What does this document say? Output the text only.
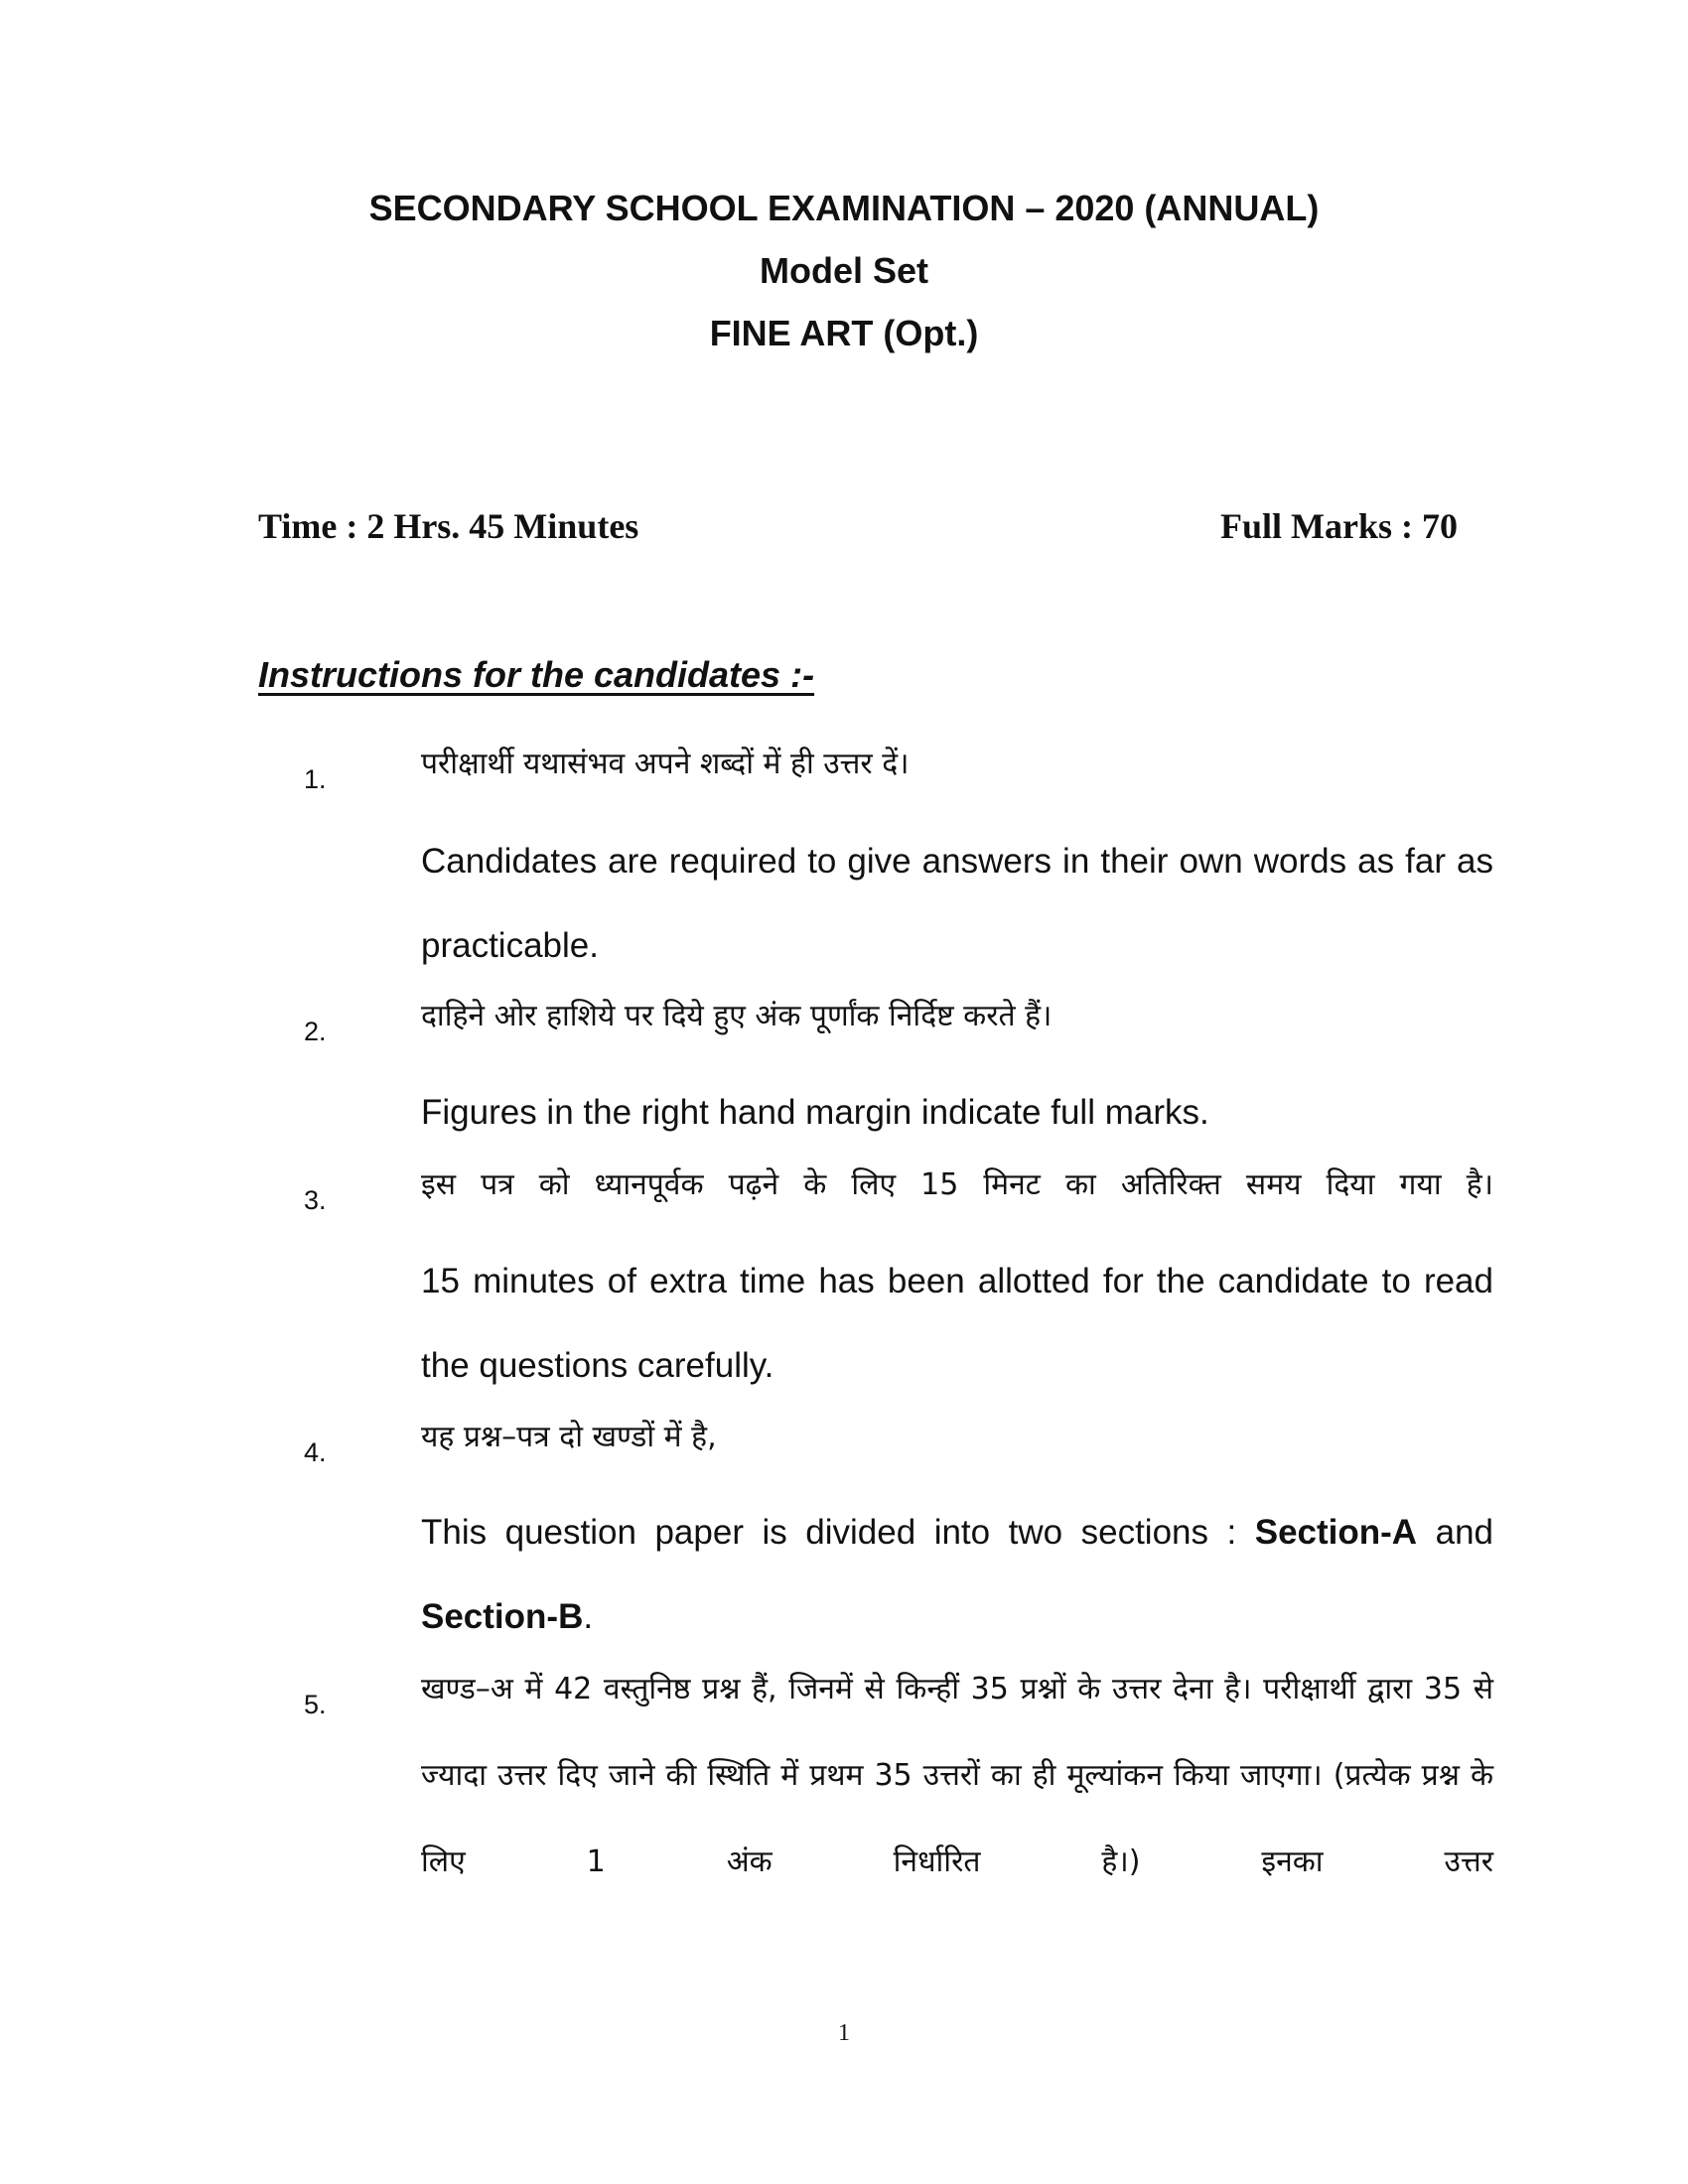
SECONDARY SCHOOL EXAMINATION – 2020 (ANNUAL)
Model Set
FINE ART (Opt.)
Time : 2 Hrs. 45 Minutes	Full Marks : 70
Instructions for the candidates :-
1.	परीक्षार्थी यथासंभव अपने शब्दों में ही उत्तर दें।
Candidates are required to give answers in their own words as far as practicable.
2.	दाहिने ओर हाशिये पर दिये हुए अंक पूर्णांक निर्दिष्ट करते हैं।
Figures in the right hand margin indicate full marks.
3.	इस पत्र को ध्यानपूर्वक पढ़ने के लिए 15 मिनट का अतिरिक्त समय दिया गया है।
15 minutes of extra time has been allotted for the candidate to read the questions carefully.
4.	यह प्रश्न–पत्र दो खण्डों में है,
This question paper is divided into two sections : Section-A and Section-B.
5.	खण्ड–अ में 42 वस्तुनिष्ठ प्रश्न हैं, जिनमें से किन्हीं 35 प्रश्नों के उत्तर देना है। परीक्षार्थी द्वारा 35 से ज्यादा उत्तर दिए जाने की स्थिति में प्रथम 35 उत्तरों का ही मूल्यांकन किया जाएगा। (प्रत्येक प्रश्न के लिए 1 अंक निर्धारित है।) इनका उत्तर
1
